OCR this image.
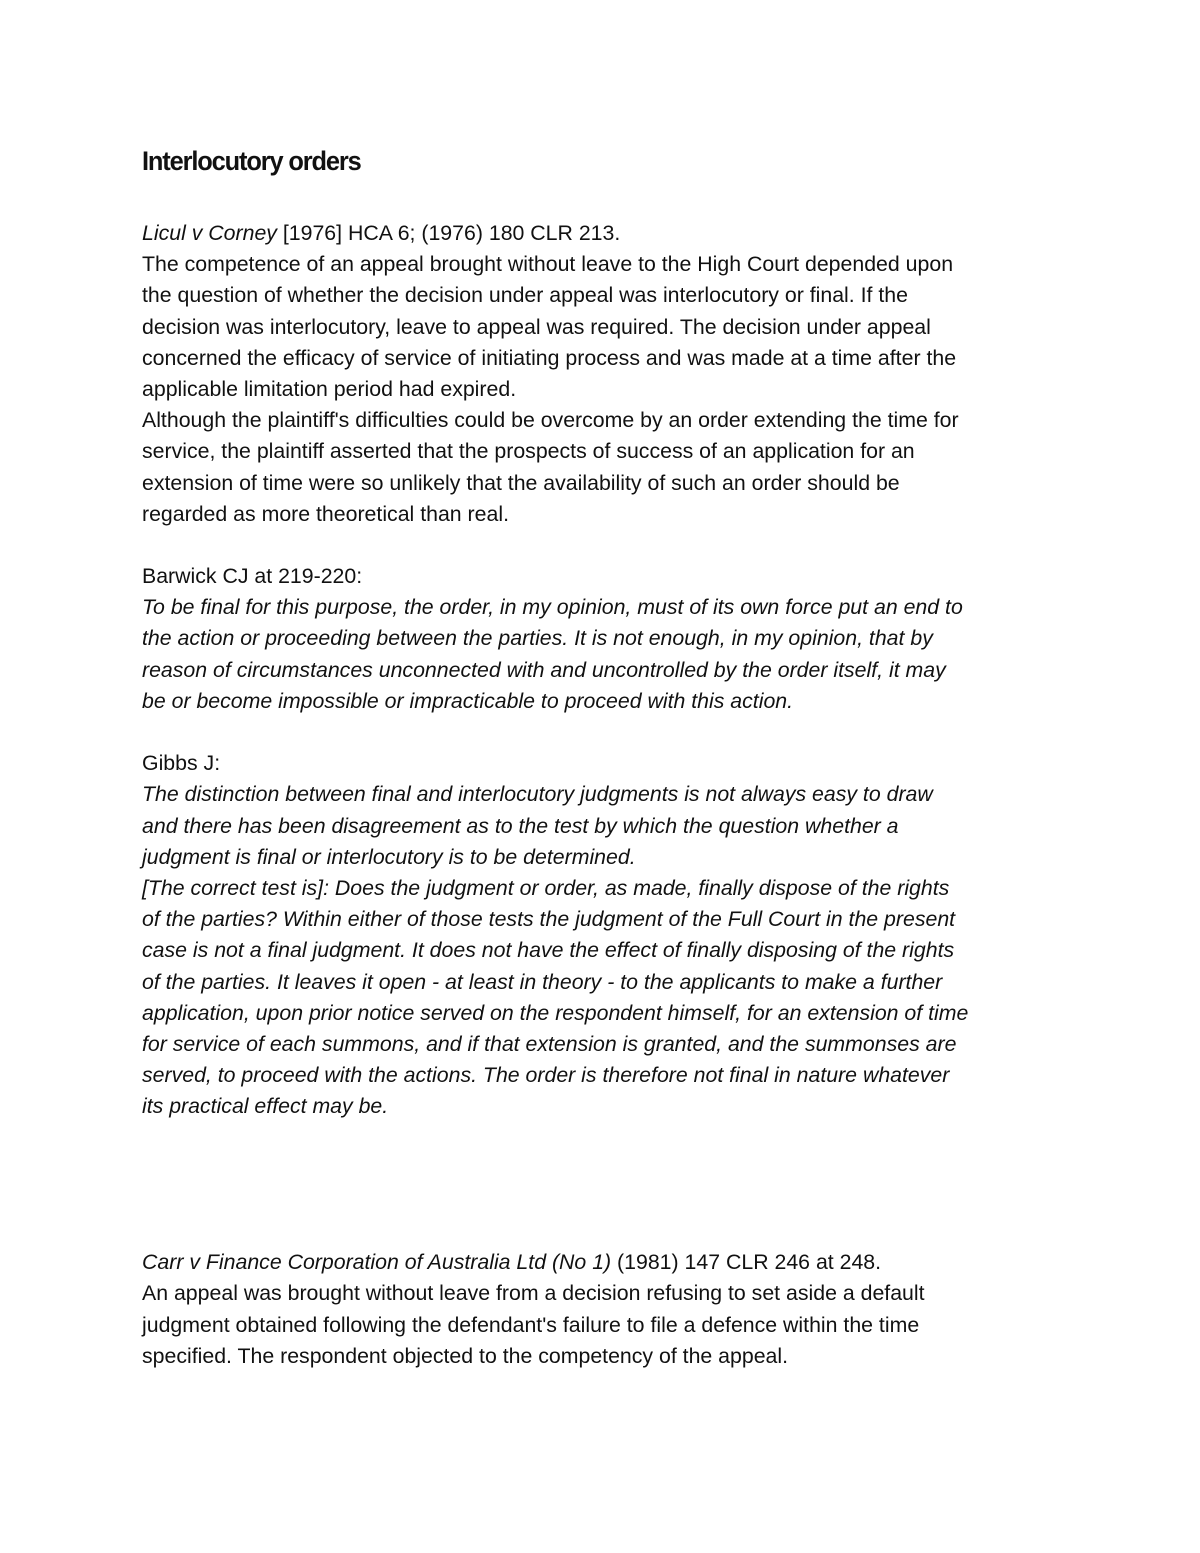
Interlocutory orders
Licul v Corney [1976] HCA 6; (1976) 180 CLR 213.
The competence of an appeal brought without leave to the High Court depended upon
the question of whether the decision under appeal was interlocutory or final. If the
decision was interlocutory, leave to appeal was required. The decision under appeal
concerned the efficacy of service of initiating process and was made at a time after the
applicable limitation period had expired.
Although the plaintiff's difficulties could be overcome by an order extending the time for
service, the plaintiff asserted that the prospects of success of an application for an
extension of time were so unlikely that the availability of such an order should be
regarded as more theoretical than real.
Barwick CJ at 219-220:
To be final for this purpose, the order, in my opinion, must of its own force put an end to
the action or proceeding between the parties. It is not enough, in my opinion, that by
reason of circumstances unconnected with and uncontrolled by the order itself, it may
be or become impossible or impracticable to proceed with this action.
Gibbs J:
The distinction between final and interlocutory judgments is not always easy to draw
and there has been disagreement as to the test by which the question whether a
judgment is final or interlocutory is to be determined.
[The correct test is]: Does the judgment or order, as made, finally dispose of the rights
of the parties? Within either of those tests the judgment of the Full Court in the present
case is not a final judgment. It does not have the effect of finally disposing of the rights
of the parties. It leaves it open - at least in theory - to the applicants to make a further
application, upon prior notice served on the respondent himself, for an extension of time
for service of each summons, and if that extension is granted, and the summonses are
served, to proceed with the actions. The order is therefore not final in nature whatever
its practical effect may be.
Carr v Finance Corporation of Australia Ltd (No 1) (1981) 147 CLR 246 at 248.
An appeal was brought without leave from a decision refusing to set aside a default
judgment obtained following the defendant's failure to file a defence within the time
specified. The respondent objected to the competency of the appeal.
